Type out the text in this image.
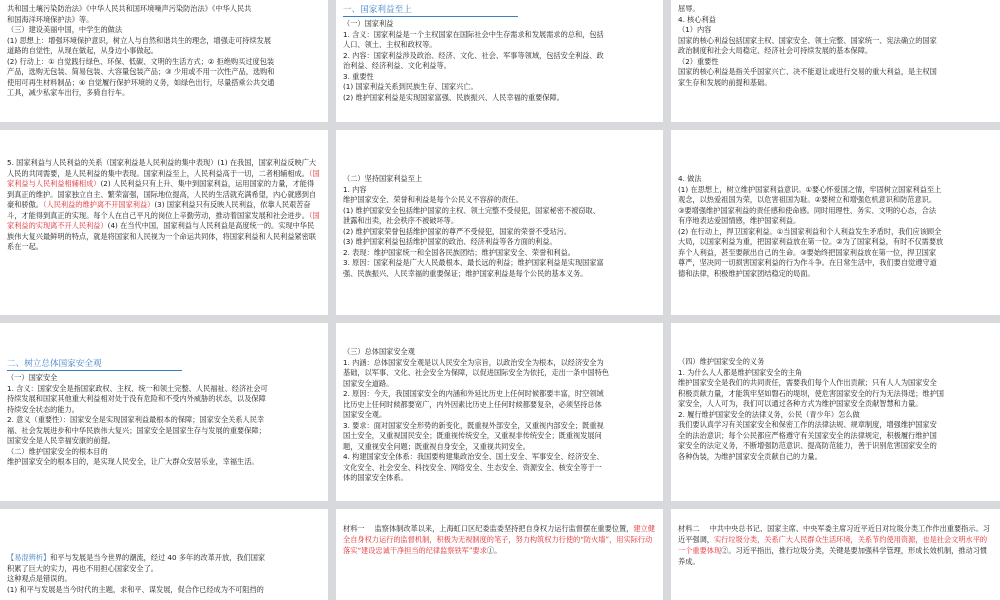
共和国土壤污染防治法》《中华人民共和国环境噪声污染防治法》《中华人民共

和国海洋环境保护法》等。

（三）建设美丽中国，中学生的做法

(1) 思想上：增强环境保护意识，树立人与自然和谐共生的理念，增强走可持续发展

道路的自觉性，从现在做起，从身边小事做起。

(2) 行动上：① 自觉践行绿色、环保、低碳、文明的生活方式；② 拒绝购买过度包装

产品，选购无包装、简易包装、大容量包装产品；③ 少用或不用一次性产品，选购和

使用可再生材料制品；④ 自觉履行保护环境的义务，如绿色出行，尽量搭乘公共交通

工具，减少私家车出行，多骑自行车。

一、国家利益至上

（一）国家利益

1. 含义：国家利益是一个主权国家在国际社会中生存需求和发展需求的总和，包括

人口、领土、主权和政权等。

2. 内容：国家利益涉及政治、经济、文化、社会、军事等领域，包括安全利益、政

治利益、经济利益、文化利益等。

3. 重要性

(1) 国家利益关系到民族生存、国家兴亡。

(2) 维护国家利益是实现国家富强、民族振兴、人民幸福的重要保障。

屈辱。

4. 核心利益

（1）内容

国家的核心利益包括国家主权、国家安全、领土完整、国家统一、宪法确立的国家

政治制度和社会大局稳定、经济社会可持续发展的基本保障。

（2）重要性

国家的核心利益是指关乎国家兴亡、决不能退让或进行交易的重大利益，是主权国

家生存和发展的前提和基础。

5. 国家利益与人民利益的关系（国家利益是人民利益的集中表现）(1) 在我国，国家利益反映广大人民的共同需要，是人民利益的集中表现。国家利益至上，人民利益高于一切，二者相辅相成。（国家利益与人民利益相辅相成）(2) 人民利益只有上升、集中到国家利益，运用国家的力量，才能得到真正的维护。国家独立自主、繁荣富强，国际地位提高，人民的生活就充满希望，内心就感到自豪和骄傲。（人民利益的维护离不开国家利益）(3) 国家利益只有反映人民利益，依靠人民艰苦奋斗，才能得到真正的实现。每个人在自己平凡的岗位上辛勤劳动，推动着国家发展和社会进步。（国家利益的实现离不开人民利益）(4) 在当代中国，国家利益与人民利益是高度统一的。实现中华民族伟大复兴最鲜明的特点，就是将国家和人民视为一个命运共同体，将国家利益和人民利益紧密联系在一起。

（二）坚持国家利益至上

1. 内容

维护国家安全、荣誉和利益是每个公民义不容辞的责任。

(1) 维护国家安全包括维护国家的主权、领土完整不受侵犯，国家秘密不被窃取、

泄露和出卖，社会秩序不被破坏等。

(2) 维护国家荣誉包括维护国家的尊严不受侵犯，国家的荣誉不受玷污。

(3) 维护国家利益包括维护国家的政治、经济利益等各方面的利益。

2. 表现：维护国家统一和全国各民族团结；维护国家安全、荣誉和利益。

3. 原因：国家利益是广大人民最根本、最长远的利益；维护国家利益是实现国家富

强、民族振兴、人民幸福的重要保证；维护国家利益是每个公民的基本义务。

4. 做法

(1) 在思想上，树立维护国家利益意识。①要心怀爱国之情，牢固树立国家利益至上

观念，以热爱祖国为荣，以危害祖国为耻。②要树立和增强危机意识和防范意识。

③要增强维护国家利益的责任感和使命感。同时用理性、务实、文明的心态，合法

有序地表达爱国情感，维护国家利益。

(2) 在行动上，捍卫国家利益。①当国家利益和个人利益发生矛盾时，我们应该顾全

大局，以国家利益为重，把国家利益放在第一位。②为了国家利益，有时不仅需要放

弃个人利益，甚至要献出自己的生命。③要始终把国家利益放在第一位，捍卫国家

尊严，坚决同一切损害国家利益的行为作斗争。在日常生活中，我们要自觉遵守道

德和法律，积极维护国家团结稳定的局面。

二、树立总体国家安全观

（一）国家安全

1. 含义：国家安全是指国家政权、主权、统一和领土完整、人民福祉、经济社会可

持续发展和国家其他重大利益相对处于没有危险和不受内外威胁的状态，以及保障

持续安全状态的能力。

2. 意义（重要性）：国家安全是实现国家利益最根本的保障；国家安全关系人民幸

福、社会发展进步和中华民族伟大复兴；国家安全是国家生存与发展的重要保障；

国家安全是人民幸福安康的前提。

（二）维护国家安全的根本目的

维护国家安全的根本目的，是实现人民安全，让广大群众安居乐业，幸福生活。

（三）总体国家安全观

1. 内涵：总体国家安全观是以人民安全为宗旨，以政治安全为根本，以经济安全为

基础，以军事、文化、社会安全为保障，以促进国际安全为依托，走出一条中国特色

国家安全道路。

2. 原因：今天，我国国家安全的内涵和外延比历史上任何时候都要丰富，时空领域

比历史上任何时候都要宽广，内外因素比历史上任何时候都要复杂，必须坚持总体

国家安全观。

3. 要求：面对国家安全形势的新变化，既重视外部安全，又重视内部安全；既重视

国土安全，又重视国民安全；既重视传统安全，又重视非传统安全；既重视发展问

题，又重视安全问题；既重视自身安全，又重视共同安全。

4. 构建国家安全体系：我国要构建集政治安全、国土安全、军事安全、经济安全、

文化安全、社会安全、科技安全、网络安全、生态安全、资源安全、核安全等于一

体的国家安全体系。

（四）维护国家安全的义务

1. 为什么人人都是维护国家安全的主角

维护国家安全是我们的共同责任，需要我们每个人作出贡献；只有人人为国家安全

积极贡献力量，才能筑牢坚如磐石的堤坝，使危害国家安全的行为无法得逞；维护国

家安全，人人可为，我们可以通过各种方式为维护国家安全贡献智慧和力量。

2. 履行维护国家安全的法律义务，公民（青少年）怎么做

我们要认真学习有关国家安全和保密工作的法律法规、规章制度，增强维护国家安

全的法治意识；每个公民都应严格遵守有关国家安全的法律规定，积极履行维护国

家安全的法定义务，不断增强防范意识、提高防范能力，善于识别危害国家安全的

各种伪装，为维护国家安全贡献自己的力量。

【易混辨析】和平与发展是当今世界的潮流，经过 40 多年的改革开放，我们国家

积累了巨大的实力，再也不用担心国家安全了。

这种观点是错误的。

(1) 和平与发展是当今时代的主题，求和平、谋发展，促合作已经成为不可阻挡的

材料一 监察体制改革以来，上海虹口区纪委监委坚持把自身权力运行监督摆在重要位置，建立健全自身权力运行的监督机制，积极为无视制度的笔子，努力构筑权力行使的“防火墙”，用实际行动落实“建设忠诚干净担当的纪律监察铁军”要求①。
材料二 中共中央总书记、国家主席、中央军委主席习近平近日对垃圾分类工作作出重要指示。习近平强调，实行垃圾分类，关系广大人民群众生活环境，关系节约使用资源，也是社会文明水平的一个重要体现②。习近平指出，推行垃圾分类，关键是要加强科学管理，形成长效机制，推动习惯养成。
